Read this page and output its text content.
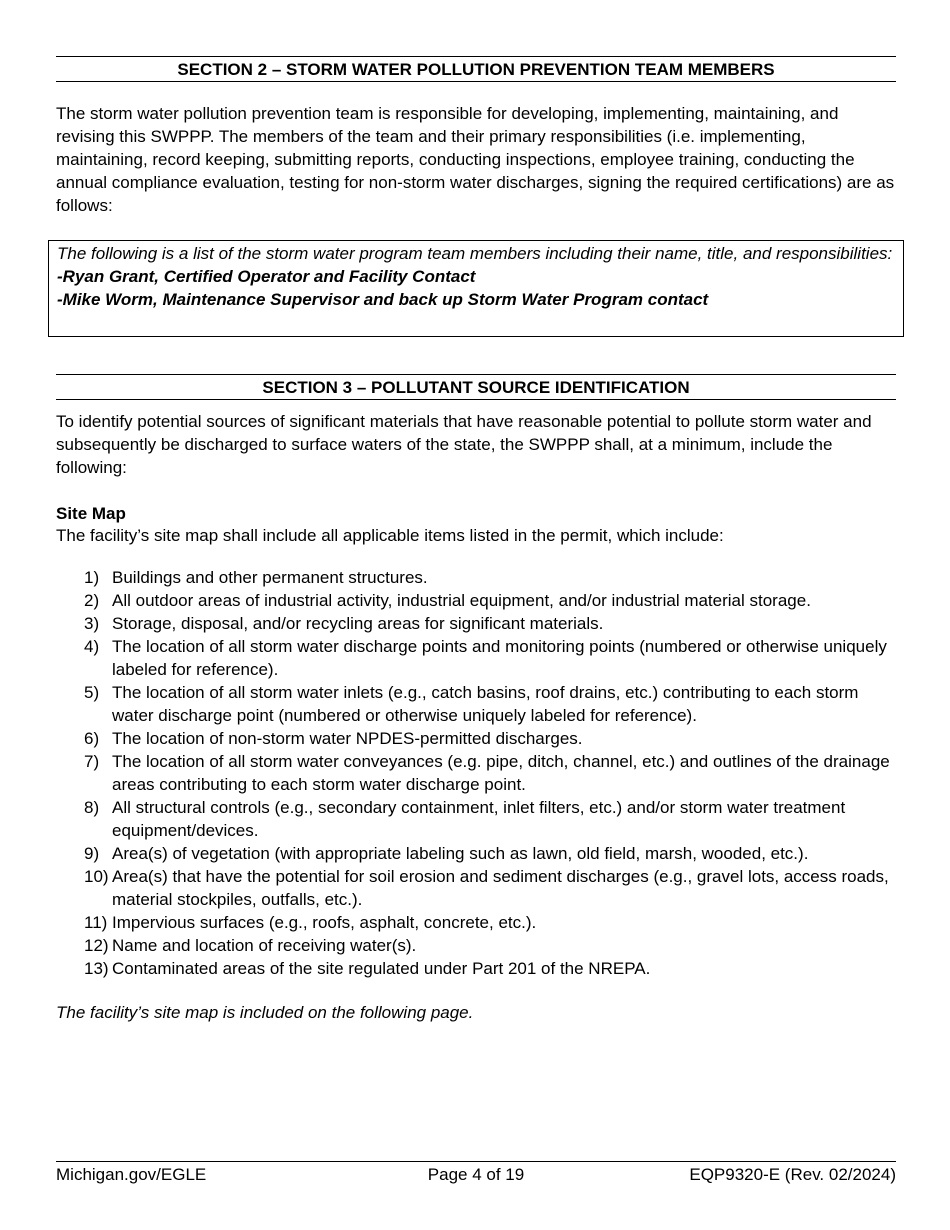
SECTION 2 – STORM WATER POLLUTION PREVENTION TEAM MEMBERS

The storm water pollution prevention team is responsible for developing, implementing, maintaining, and revising this SWPPP. The members of the team and their primary responsibilities (i.e. implementing, maintaining, record keeping, submitting reports, conducting inspections, employee training, conducting the annual compliance evaluation, testing for non-storm water discharges, signing the required certifications) are as follows:

The following is a list of the storm water program team members including their name, title, and responsibilities:
-Ryan Grant, Certified Operator and Facility Contact
-Mike Worm, Maintenance Supervisor and back up Storm Water Program contact
SECTION 3 – POLLUTANT SOURCE IDENTIFICATION

To identify potential sources of significant materials that have reasonable potential to pollute storm water and subsequently be discharged to surface waters of the state, the SWPPP shall, at a minimum, include the following:

Site Map

The facility’s site map shall include all applicable items listed in the permit, which include:

1) Buildings and other permanent structures.
2) All outdoor areas of industrial activity, industrial equipment, and/or industrial material storage.
3) Storage, disposal, and/or recycling areas for significant materials.
4) The location of all storm water discharge points and monitoring points (numbered or otherwise uniquely labeled for reference).
5) The location of all storm water inlets (e.g., catch basins, roof drains, etc.) contributing to each storm water discharge point (numbered or otherwise uniquely labeled for reference).
6) The location of non-storm water NPDES-permitted discharges.
7) The location of all storm water conveyances (e.g. pipe, ditch, channel, etc.) and outlines of the drainage areas contributing to each storm water discharge point.
8) All structural controls (e.g., secondary containment, inlet filters, etc.) and/or storm water treatment equipment/devices.
9) Area(s) of vegetation (with appropriate labeling such as lawn, old field, marsh, wooded, etc.).
10) Area(s) that have the potential for soil erosion and sediment discharges (e.g., gravel lots, access roads, material stockpiles, outfalls, etc.).
11) Impervious surfaces (e.g., roofs, asphalt, concrete, etc.).
12) Name and location of receiving water(s).
13) Contaminated areas of the site regulated under Part 201 of the NREPA.
The facility’s site map is included on the following page.
Michigan.gov/EGLE	Page 4 of 19	EQP9320-E (Rev. 02/2024)
